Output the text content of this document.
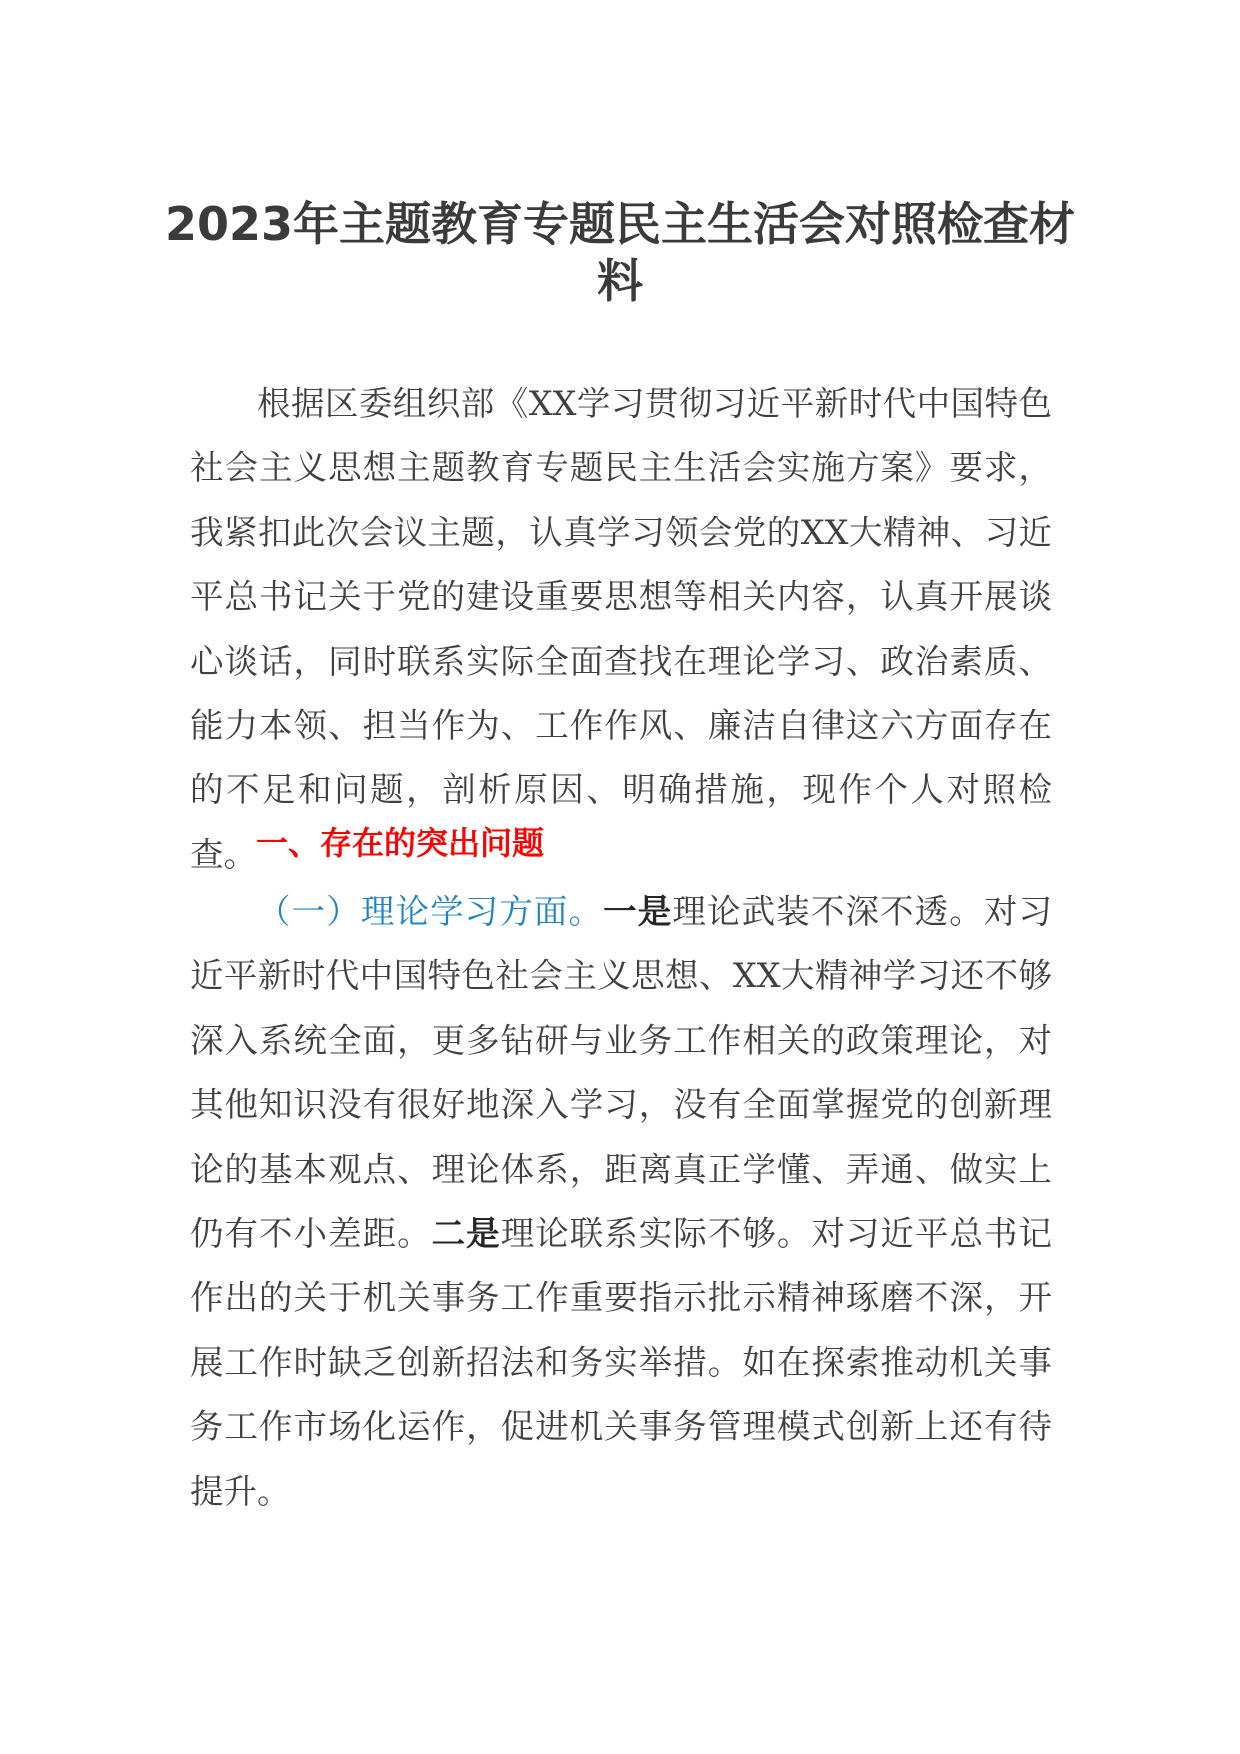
2023年主题教育专题民主生活会对照检查材料

根据区委组织部《XX学习贯彻习近平新时代中国特色社会主义思想主题教育专题民主生活会实施方案》要求，我紧扣此次会议主题，认真学习领会党的XX大精神、习近平总书记关于党的建设重要思想等相关内容，认真开展谈心谈话，同时联系实际全面查找在理论学习、政治素质、能力本领、担当作为、工作作风、廉洁自律这六方面存在的不足和问题，剖析原因、明确措施，现作个人对照检查。 一、存在的突出问题

（一）理论学习方面。一是理论武装不深不透。对习近平新时代中国特色社会主义思想、XX大精神学习还不够深入系统全面，更多钻研与业务工作相关的政策理论，对其他知识没有很好地深入学习，没有全面掌握党的创新理论的基本观点、理论体系，距离真正学懂、弄通、做实上仍有不小差距。二是理论联系实际不够。对习近平总书记作出的关于机关事务工作重要指示批示精神琢磨不深，开展工作时缺乏创新招法和务实举措。如在探索推动机关事务工作市场化运作，促进机关事务管理模式创新上还有待提升。
